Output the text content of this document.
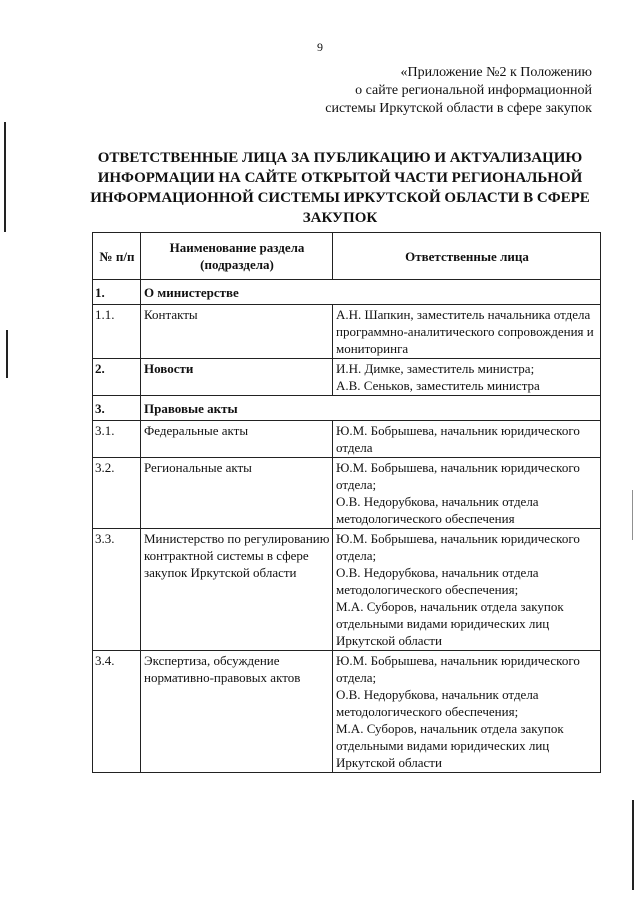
9
«Приложение №2 к Положению
о сайте региональной информационной
системы Иркутской области в сфере закупок
ОТВЕТСТВЕННЫЕ ЛИЦА ЗА ПУБЛИКАЦИЮ И АКТУАЛИЗАЦИЮ ИНФОРМАЦИИ НА САЙТЕ ОТКРЫТОЙ ЧАСТИ РЕГИОНАЛЬНОЙ ИНФОРМАЦИОННОЙ СИСТЕМЫ ИРКУТСКОЙ ОБЛАСТИ В СФЕРЕ ЗАКУПОК
№ п/п	Наименование раздела (подраздела)	Ответственные лица
1.	О министерстве	
1.1.	Контакты	А.Н. Шапкин, заместитель начальника отдела программно-аналитического сопровождения и мониторинга

2.	Новости	И.Н. Димке, заместитель министра;
А.В. Сеньков, заместитель министра

3.	Правовые акты	
3.1.	Федеральные акты	Ю.М. Бобрышева, начальник юридического отдела

3.2.	Региональные акты	Ю.М. Бобрышева, начальник юридического отдела;
О.В. Недорубкова, начальник отдела методологического обеспечения

3.3.	Министерство по регулированию контрактной системы в сфере закупок Иркутской области	Ю.М. Бобрышева, начальник юридического отдела;
О.В. Недорубкова, начальник отдела методологического обеспечения;
М.А. Суборов, начальник отдела закупок отдельными видами юридических лиц Иркутской области

3.4.	Экспертиза, обсуждение нормативно-правовых актов	Ю.М. Бобрышева, начальник юридического отдела;
О.В. Недорубкова, начальник отдела методологического обеспечения;
М.А. Суборов, начальник отдела закупок отдельными видами юридических лиц Иркутской области
